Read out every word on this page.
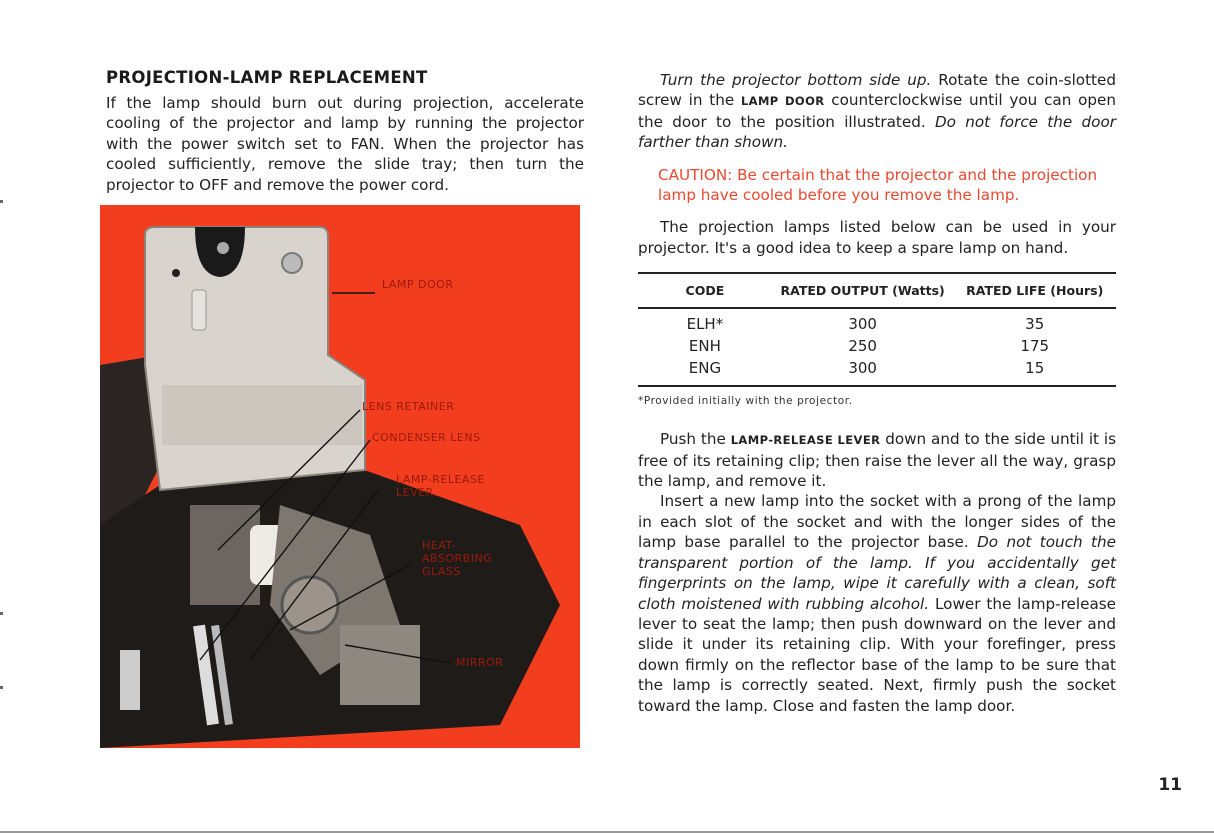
PROJECTION-LAMP REPLACEMENT

If the lamp should burn out during projection, accelerate cooling of the projector and lamp by running the projector with the power switch set to FAN. When the projector has cooled sufficiently, remove the slide tray; then turn the projector to OFF and remove the power cord.

LAMP DOOR
LENS RETAINER
CONDENSER LENS
LAMP-RELEASE LEVER
HEAT-ABSORBING GLASS
MIRROR

Turn the projector bottom side up. Rotate the coin-slotted screw in the LAMP DOOR counterclockwise until you can open the door to the position illustrated. Do not force the door farther than shown.

CAUTION: Be certain that the projector and the projection lamp have cooled before you remove the lamp.

The projection lamps listed below can be used in your projector. It's a good idea to keep a spare lamp on hand.

CODE	RATED OUTPUT (Watts)	RATED LIFE (Hours)
ELH*	300	35
ENH	250	175
ENG	300	15
*Provided initially with the projector.

Push the LAMP-RELEASE LEVER down and to the side until it is free of its retaining clip; then raise the lever all the way, grasp the lamp, and remove it.

Insert a new lamp into the socket with a prong of the lamp in each slot of the socket and with the longer sides of the lamp base parallel to the projector base. Do not touch the transparent portion of the lamp. If you accidentally get fingerprints on the lamp, wipe it carefully with a clean, soft cloth moistened with rubbing alcohol. Lower the lamp-release lever to seat the lamp; then push downward on the lever and slide it under its retaining clip. With your forefinger, press down firmly on the reflector base of the lamp to be sure that the lamp is correctly seated. Next, firmly push the socket toward the lamp. Close and fasten the lamp door.

11
